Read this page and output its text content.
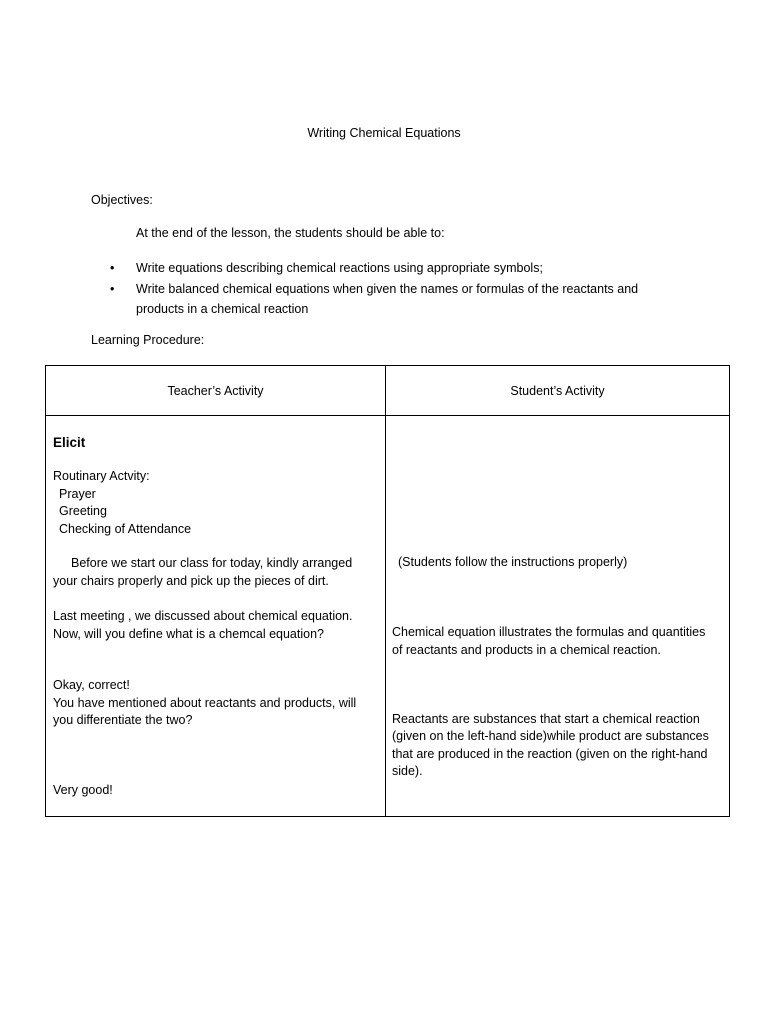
Writing Chemical Equations
Objectives:
At the end of the lesson, the students should be able to:
• Write equations describing chemical reactions using appropriate symbols;
• Write balanced chemical equations when given the names or formulas of the reactants and products in a chemical reaction
Learning Procedure:
Teacher’s Activity	Student’s Activity
Elicit
Routinary Actvity:
Prayer
Greeting
Checking of Attendance
Before we start our class for today, kindly arranged
your chairs properly and pick up the pieces of dirt.
Last meeting , we discussed about chemical equation.
Now, will you define what is a chemcal equation?
Okay, correct!
You have mentioned about reactants and products, will
you differentiate the two?
Very good!
(Students follow the instructions properly)
Chemical equation illustrates the formulas and quantities
of reactants and products in a chemical reaction.
Reactants are substances that start a chemical reaction
(given on the left-hand side)while product are substances
that are produced in the reaction (given on the right-hand
side).
